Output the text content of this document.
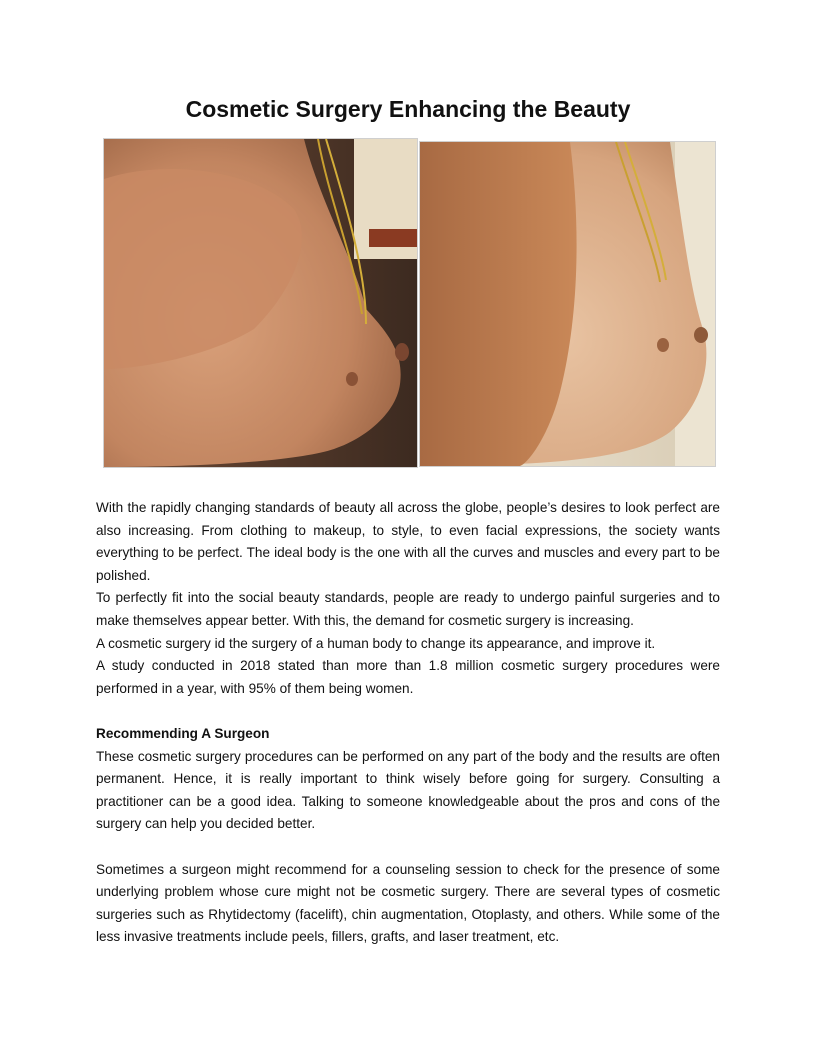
Cosmetic Surgery Enhancing the Beauty

With the rapidly changing standards of beauty all across the globe, people’s desires to look perfect are also increasing. From clothing to makeup, to style, to even facial expressions, the society wants everything to be perfect. The ideal body is the one with all the curves and muscles and every part to be polished.

To perfectly fit into the social beauty standards, people are ready to undergo painful surgeries and to make themselves appear better. With this, the demand for cosmetic surgery is increasing.

A cosmetic surgery id the surgery of a human body to change its appearance, and improve it.

A study conducted in 2018 stated than more than 1.8 million cosmetic surgery procedures were performed in a year, with 95% of them being women.

Recommending A Surgeon

These cosmetic surgery procedures can be performed on any part of the body and the results are often permanent. Hence, it is really important to think wisely before going for surgery. Consulting a practitioner can be a good idea. Talking to someone knowledgeable about the pros and cons of the surgery can help you decided better.

Sometimes a surgeon might recommend for a counseling session to check for the presence of some underlying problem whose cure might not be cosmetic surgery. There are several types of cosmetic surgeries such as Rhytidectomy (facelift), chin augmentation, Otoplasty, and others. While some of the less invasive treatments include peels, fillers, grafts, and laser treatment, etc.
